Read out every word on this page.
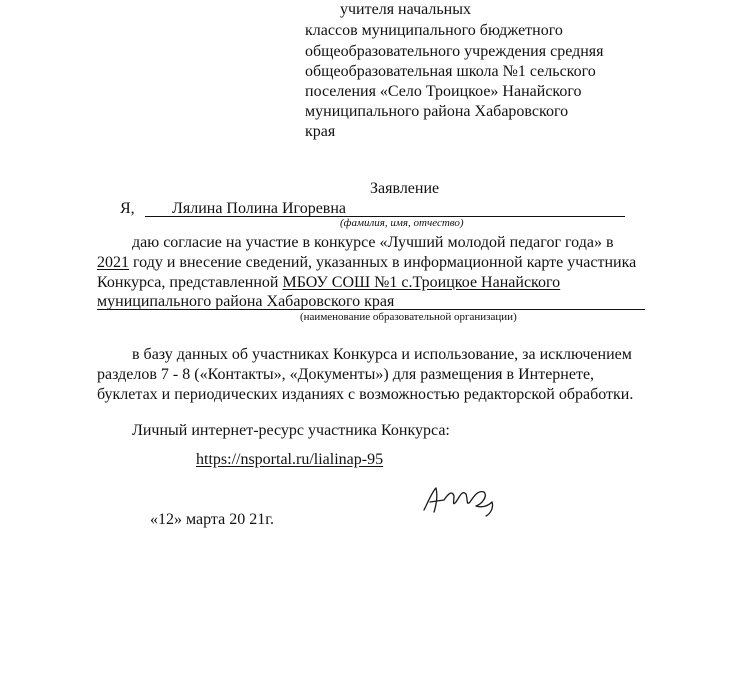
учителя начальных
классов муниципального бюджетного
общеобразовательного учреждения средняя
общеобразовательная школа №1 сельского
поселения «Село Троицкое» Нанайского
муниципального района Хабаровского
края
Заявление
Я, Лялина Полина Игоревна
(фамилия, имя, отчество)
даю согласие на участие в конкурсе «Лучший молодой педагог года» в
2021 году и внесение сведений, указанных в информационной карте участника
Конкурса, представленной МБОУ СОШ №1 с.Троицкое Нанайского
муниципального района Хабаровского края
(наименование образовательной организации)
в базу данных об участниках Конкурса и использование, за исключением
разделов 7 - 8 («Контакты», «Документы») для размещения в Интернете,
буклетах и периодических изданиях с возможностью редакторской обработки.
Личный интернет-ресурс участника Конкурса:
https://nsportal.ru/lialinap-95
«12» марта 20 21г.
